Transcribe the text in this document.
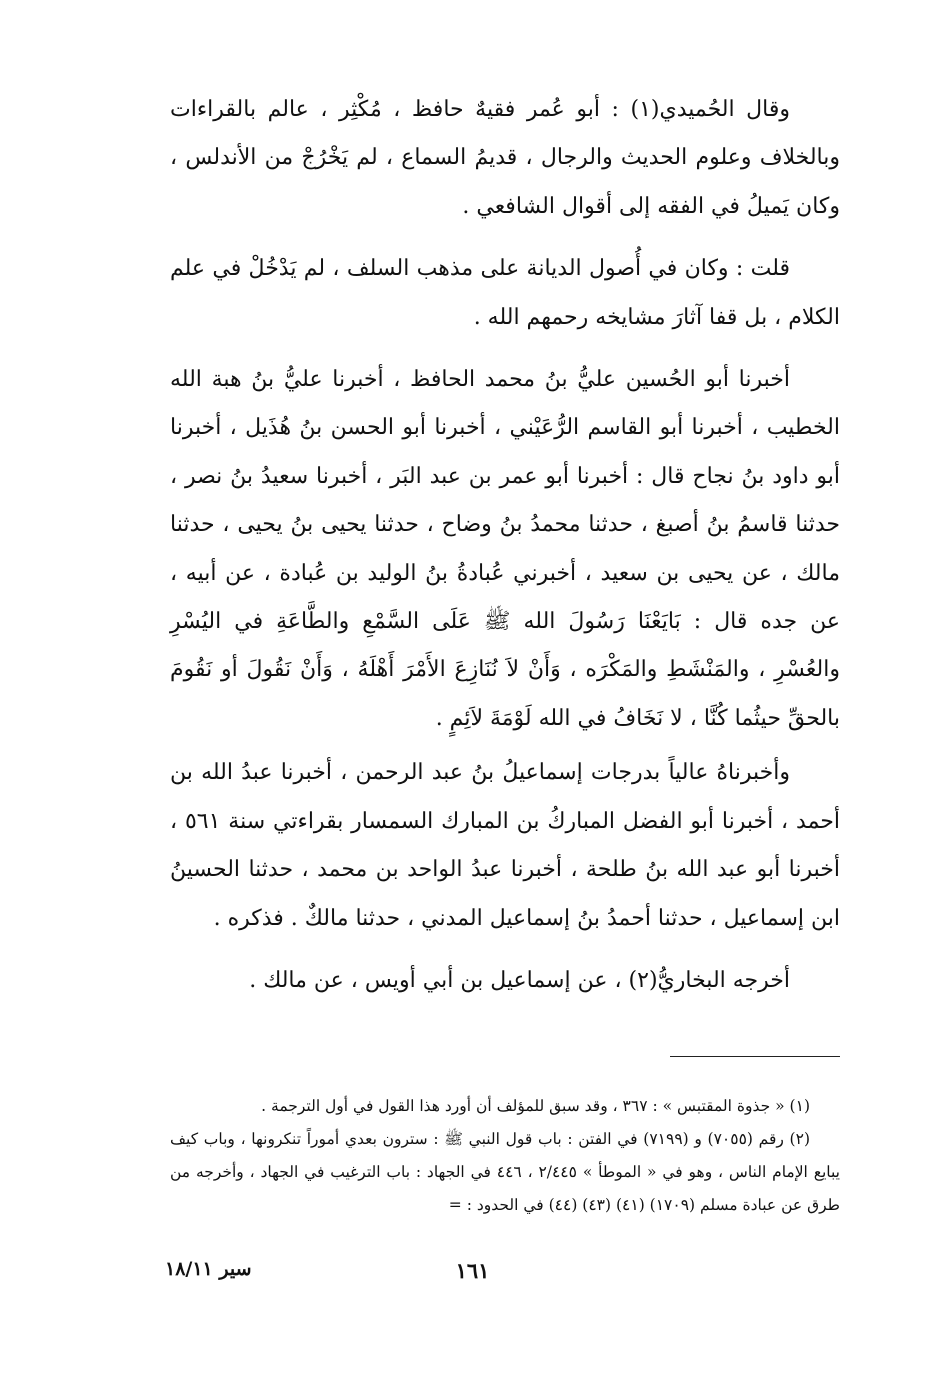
وقال الحُميدي(١) : أبو عُمر فقيهٌ حافظ ، مُكْثِر ، عالم بالقراءات وبالخلاف وعلوم الحديث والرجال ، قديمُ السماع ، لم يَخْرُجْ من الأندلس ، وكان يَميلُ في الفقه إلى أقوال الشافعي .

قلت : وكان في أُصول الديانة على مذهب السلف ، لم يَدْخُلْ في علم الكلام ، بل قفا آثارَ مشايخه رحمهم الله .

أخبرنا أبو الحُسين عليُّ بنُ محمد الحافظ ، أخبرنا عليُّ بنُ هبة الله الخطيب ، أخبرنا أبو القاسم الرُّعَيْني ، أخبرنا أبو الحسن بنُ هُذَيل ، أخبرنا أبو داود بنُ نجاح قال : أخبرنا أبو عمر بن عبد البَر ، أخبرنا سعيدُ بنُ نصر ، حدثنا قاسمُ بنُ أصبغ ، حدثنا محمدُ بنُ وضاح ، حدثنا يحيى بنُ يحيى ، حدثنا مالك ، عن يحيى بن سعيد ، أخبرني عُبادةُ بنُ الوليد بن عُبادة ، عن أبيه ، عن جده قال : بَايَعْنَا رَسُولَ الله ﷺ عَلَى السَّمْعِ والطَّاعَةِ في اليُسْرِ والعُسْرِ ، والمَنْشَطِ والمَكْرَه ، وَأَنْ لاَ نُنَازِعَ الأَمْرَ أَهْلَهُ ، وَأَنْ نَقُولَ أو نَقُومَ بالحقِّ حيثُما كُنَّا ، لا نَخَافُ في الله لَوْمَةَ لاَئِمٍ .

وأخبرناهُ عالياً بدرجات إسماعيلُ بنُ عبد الرحمن ، أخبرنا عبدُ الله بن أحمد ، أخبرنا أبو الفضل المباركُ بن المبارك السمسار بقراءتي سنة ٥٦١ ، أخبرنا أبو عبد الله بنُ طلحة ، أخبرنا عبدُ الواحد بن محمد ، حدثنا الحسينُ ابن إسماعيل ، حدثنا أحمدُ بنُ إسماعيل المدني ، حدثنا مالكٌ . فذكره .

أخرجه البخاريُّ(٢) ، عن إسماعيل بن أبي أويس ، عن مالك .

(١) « جذوة المقتبس » : ٣٦٧ ، وقد سبق للمؤلف أن أورد هذا القول في أول الترجمة .

(٢) رقم (٧٠٥٥) و (٧١٩٩) في الفتن : باب قول النبي ﷺ : سترون بعدي أموراً تنكرونها ، وباب كيف يبايع الإمام الناس ، وهو في « الموطأ » ٢/٤٤٥ ، ٤٤٦ في الجهاد : باب الترغيب في الجهاد ، وأخرجه من طرق عن عبادة مسلم (١٧٠٩) (٤١) (٤٣) (٤٤) في الحدود : =

١٦١
سير ١٨/١١
